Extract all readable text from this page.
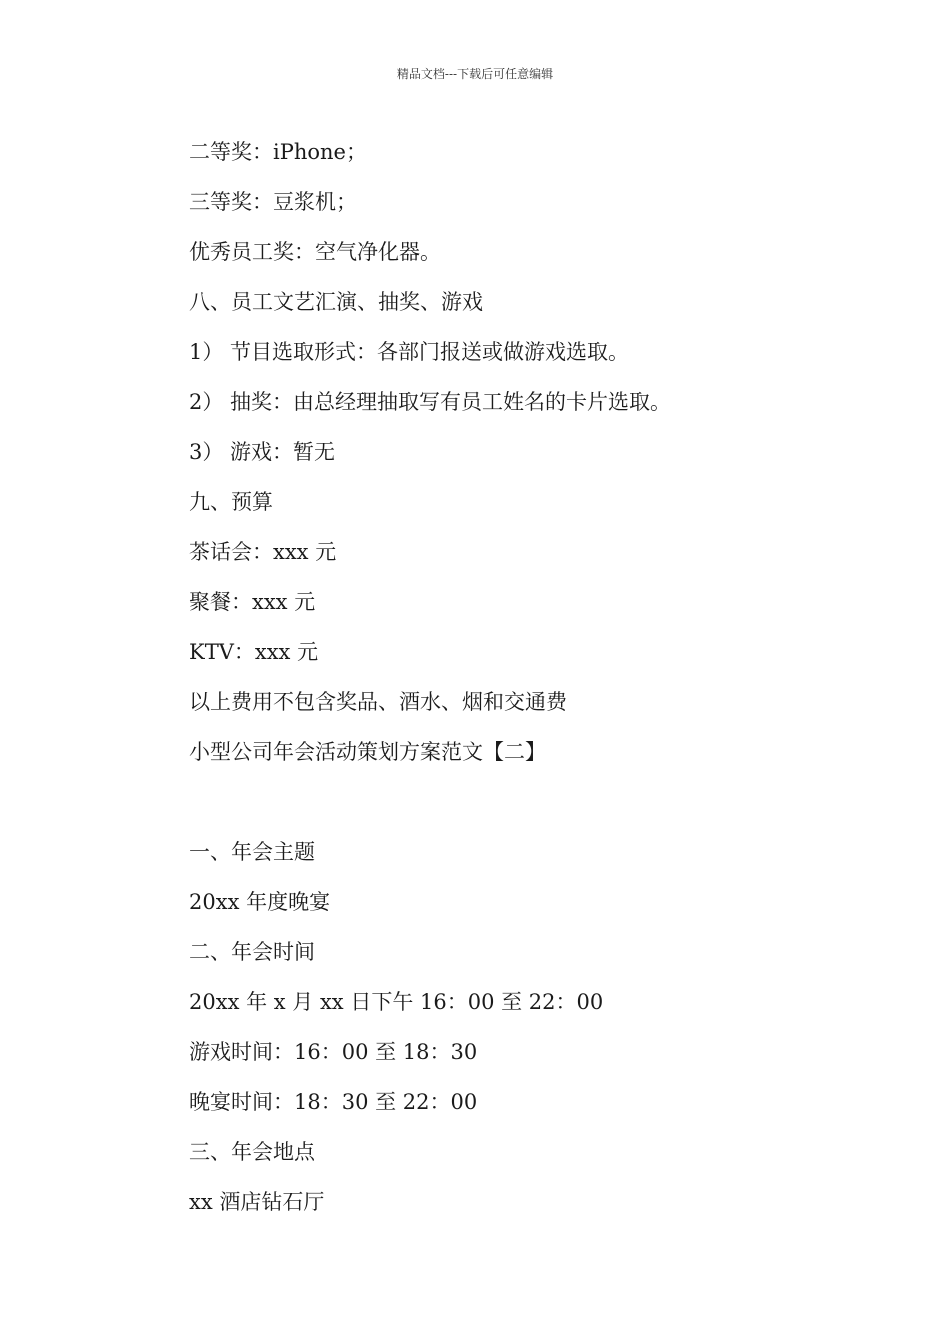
精品文档---下载后可任意编辑
二等奖：iPhone；
三等奖：豆浆机；
优秀员工奖：空气净化器。
八、员工文艺汇演、抽奖、游戏
1） 节目选取形式：各部门报送或做游戏选取。
2） 抽奖：由总经理抽取写有员工姓名的卡片选取。
3） 游戏：暂无
九、预算
茶话会：xxx 元
聚餐：xxx 元
KTV：xxx 元
以上费用不包含奖品、酒水、烟和交通费
小型公司年会活动策划方案范文【二】
一、年会主题
20xx 年度晚宴
二、年会时间
20xx 年 x 月 xx 日下午 16：00 至 22：00
游戏时间：16：00 至 18：30
晚宴时间：18：30 至 22：00
三、年会地点
xx 酒店钻石厅
